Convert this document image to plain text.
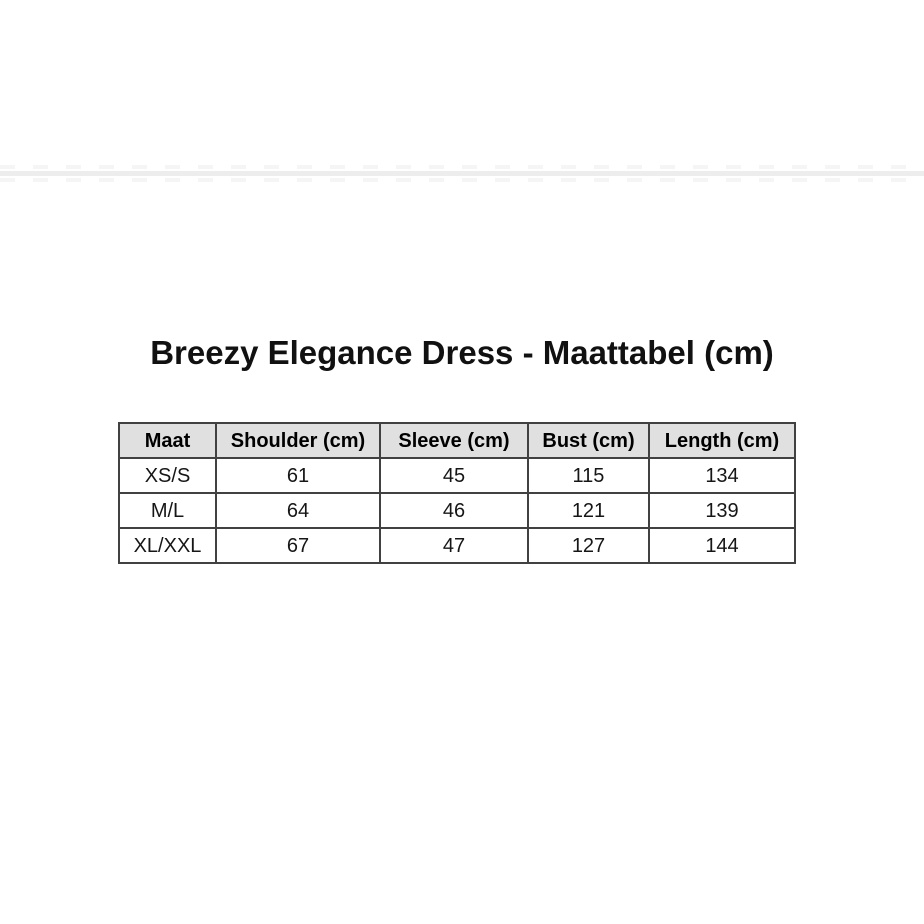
Breezy Elegance Dress - Maattabel (cm)
Maat	Shoulder (cm)	Sleeve (cm)	Bust (cm)	Length (cm)
XS/S	61	45	115	134
M/L	64	46	121	139
XL/XXL	67	47	127	144
